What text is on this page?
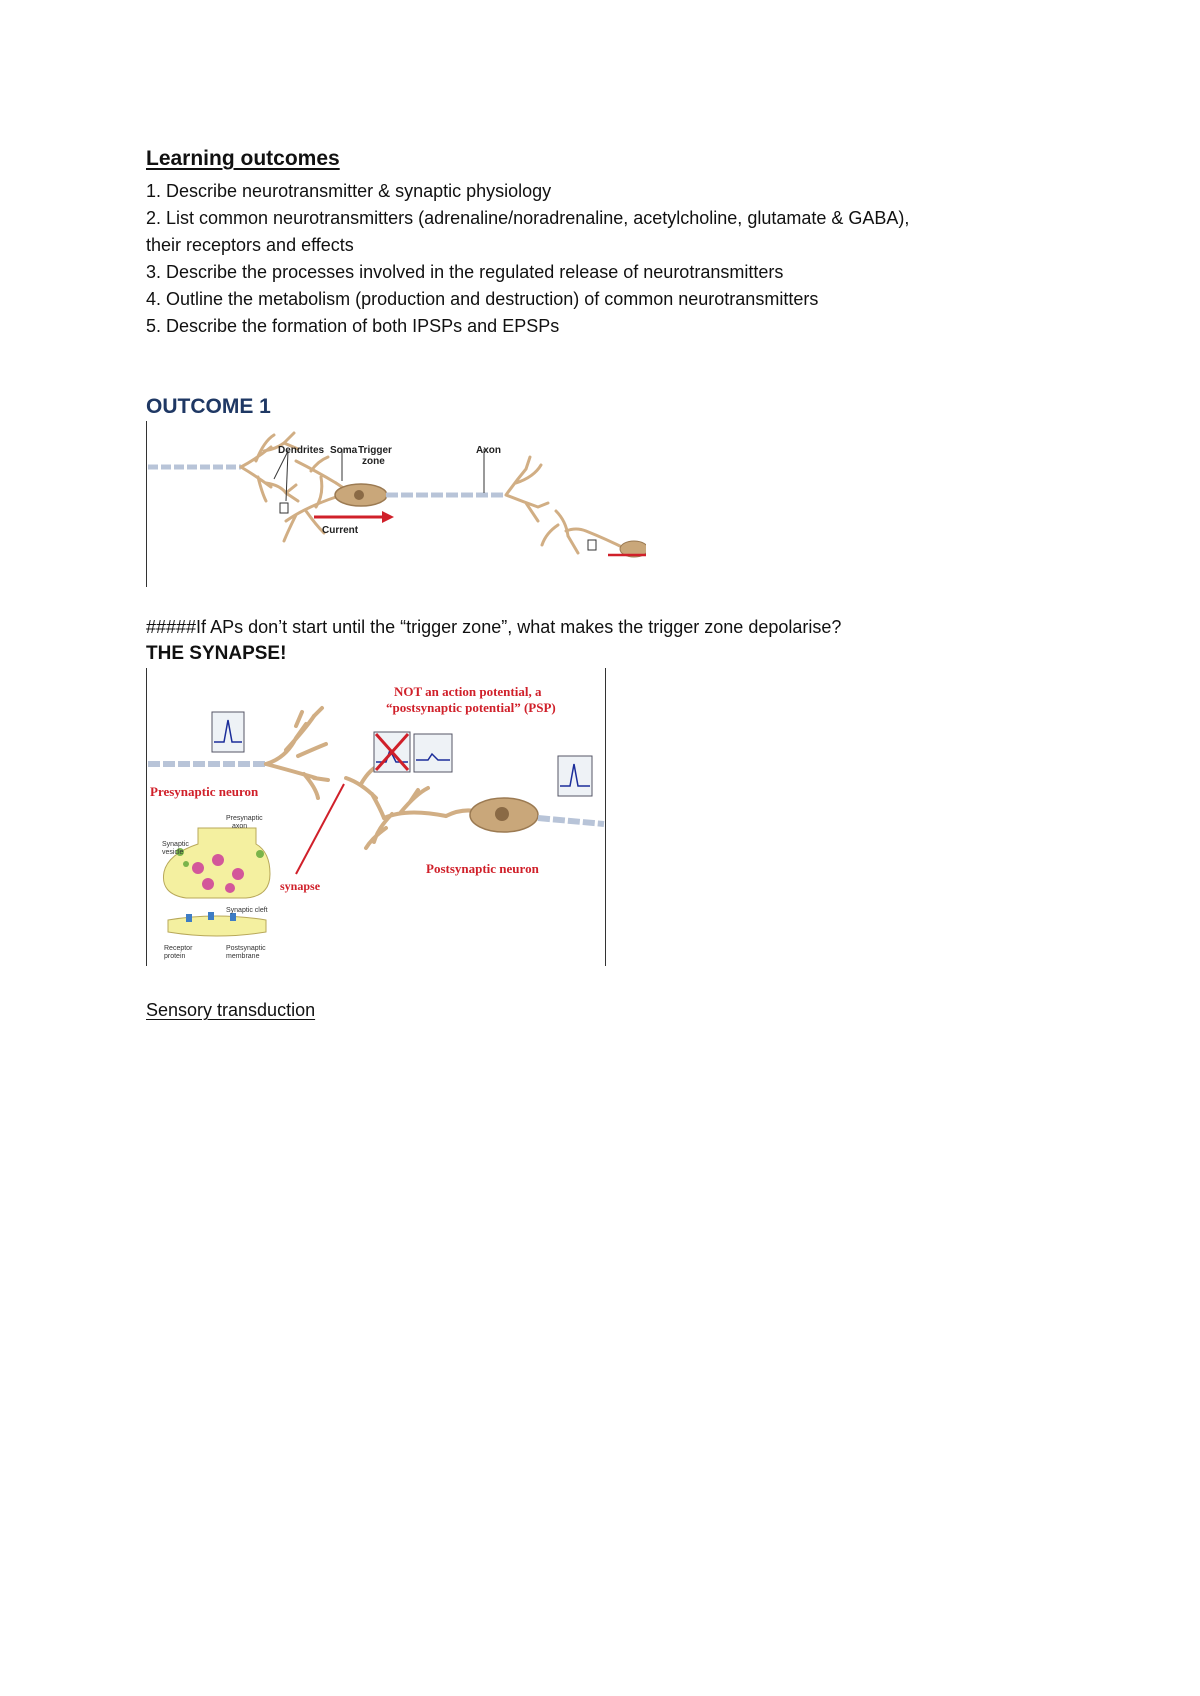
Learning outcomes
1. Describe neurotransmitter & synaptic physiology
2. List common neurotransmitters (adrenaline/noradrenaline, acetylcholine, glutamate & GABA),
their receptors and effects
3. Describe the processes involved in the regulated release of neurotransmitters
4. Outline the metabolism (production and destruction) of common neurotransmitters
5. Describe the formation of both IPSPs and EPSPs
OUTCOME 1
Dendrites Soma Trigger
zone
Axon
Current
#####If APs don’t start until the “trigger zone”, what makes the trigger zone depolarise?
THE SYNAPSE!
NOT an action potential, a
“postsynaptic potential” (PSP)
Presynaptic neuron
Postsynaptic neuron
synapse
Presynaptic
axon
Synaptic
vesicle
Synaptic cleft
Receptor
protein
Postsynaptic
membrane
Sensory transduction
